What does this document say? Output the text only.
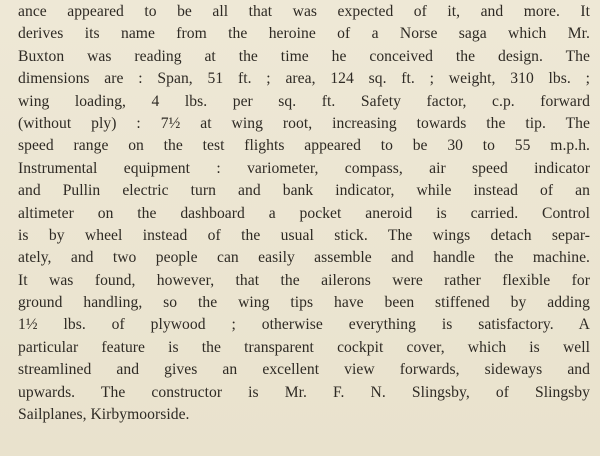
ance appeared to be all that was expected of it, and more. It
derives its name from the heroine of a Norse saga which Mr.
Buxton was reading at the time he conceived the design. The
dimensions are : Span, 51 ft. ; area, 124 sq. ft. ; weight, 310 lbs. ;
wing loading, 4 lbs. per sq. ft. Safety factor, c.p. forward
(without ply) : 7½ at wing root, increasing towards the tip. The
speed range on the test flights appeared to be 30 to 55 m.p.h.
Instrumental equipment : variometer, compass, air speed indicator
and Pullin electric turn and bank indicator, while instead of an
altimeter on the dashboard a pocket aneroid is carried. Control
is by wheel instead of the usual stick. The wings detach separ-
ately, and two people can easily assemble and handle the machine.
It was found, however, that the ailerons were rather flexible for
ground handling, so the wing tips have been stiffened by adding
1½ lbs. of plywood ; otherwise everything is satisfactory. A
particular feature is the transparent cockpit cover, which is well
streamlined and gives an excellent view forwards, sideways and
upwards. The constructor is Mr. F. N. Slingsby, of Slingsby
Sailplanes, Kirbymoorside.
